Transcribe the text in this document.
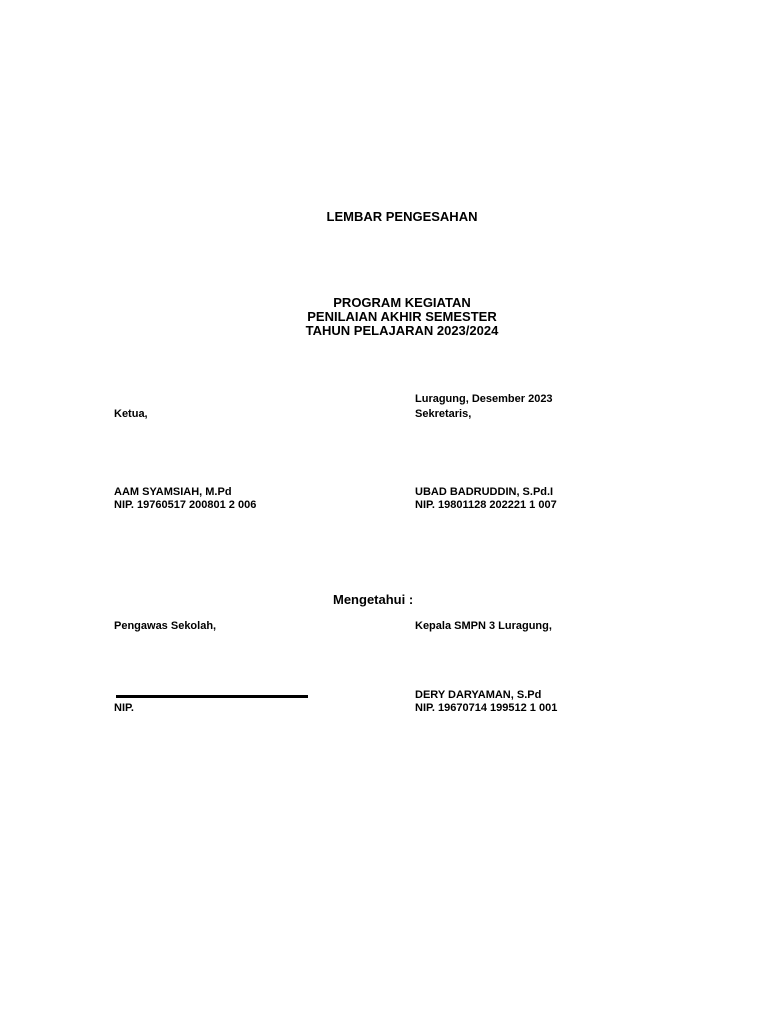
LEMBAR PENGESAHAN
PROGRAM KEGIATAN
PENILAIAN AKHIR SEMESTER
TAHUN PELAJARAN 2023/2024
Luragung, Desember 2023
Ketua,	Sekretaris,
AAM SYAMSIAH, M.Pd
NIP. 19760517 200801 2 006
UBAD BADRUDDIN, S.Pd.I
NIP. 19801128 202221 1 007
Mengetahui :
Pengawas Sekolah,	Kepala SMPN 3 Luragung,
NIP.
DERY DARYAMAN, S.Pd
NIP. 19670714 199512 1 001
